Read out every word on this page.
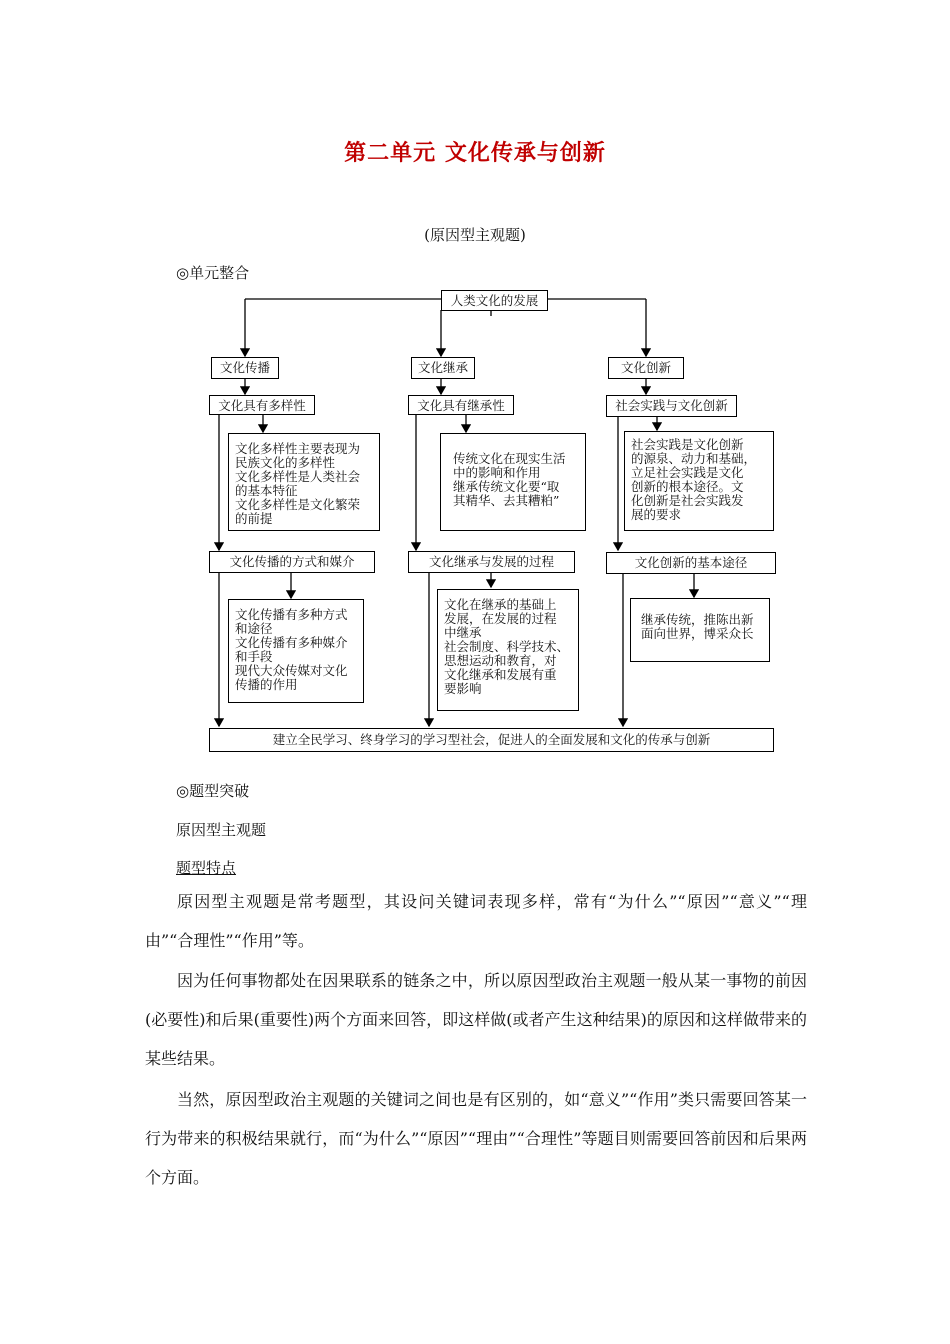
第二单元 文化传承与创新
(原因型主观题)
◎单元整合
人类文化的发展
文化传播
文化具有多样性
文化多样性主要表现为
民族文化的多样性
文化多样性是人类社会
的基本特征
文化多样性是文化繁荣
的前提
文化传播的方式和媒介
文化传播有多种方式
和途径
文化传播有多种媒介
和手段
现代大众传媒对文化
传播的作用
文化继承
文化具有继承性
传统文化在现实生活
中的影响和作用
继承传统文化要“取
其精华、去其糟粕”
文化继承与发展的过程
文化在继承的基础上
发展，在发展的过程
中继承
社会制度、科学技术、
思想运动和教育，对
文化继承和发展有重
要影响
文化创新
社会实践与文化创新
社会实践是文化创新
的源泉、动力和基础，
立足社会实践是文化
创新的根本途径。文
化创新是社会实践发
展的要求
文化创新的基本途径
继承传统，推陈出新
面向世界，博采众长
建立全民学习、终身学习的学习型社会，促进人的全面发展和文化的传承与创新
◎题型突破
原因型主观题
题型特点
原因型主观题是常考题型，其设问关键词表现多样，常有“为什么”“原因”“意义”“理由”“合理性”“作用”等。
因为任何事物都处在因果联系的链条之中，所以原因型政治主观题一般从某一事物的前因(必要性)和后果(重要性)两个方面来回答，即这样做(或者产生这种结果)的原因和这样做带来的某些结果。
当然，原因型政治主观题的关键词之间也是有区别的，如“意义”“作用”类只需要回答某一行为带来的积极结果就行，而“为什么”“原因”“理由”“合理性”等题目则需要回答前因和后果两个方面。
